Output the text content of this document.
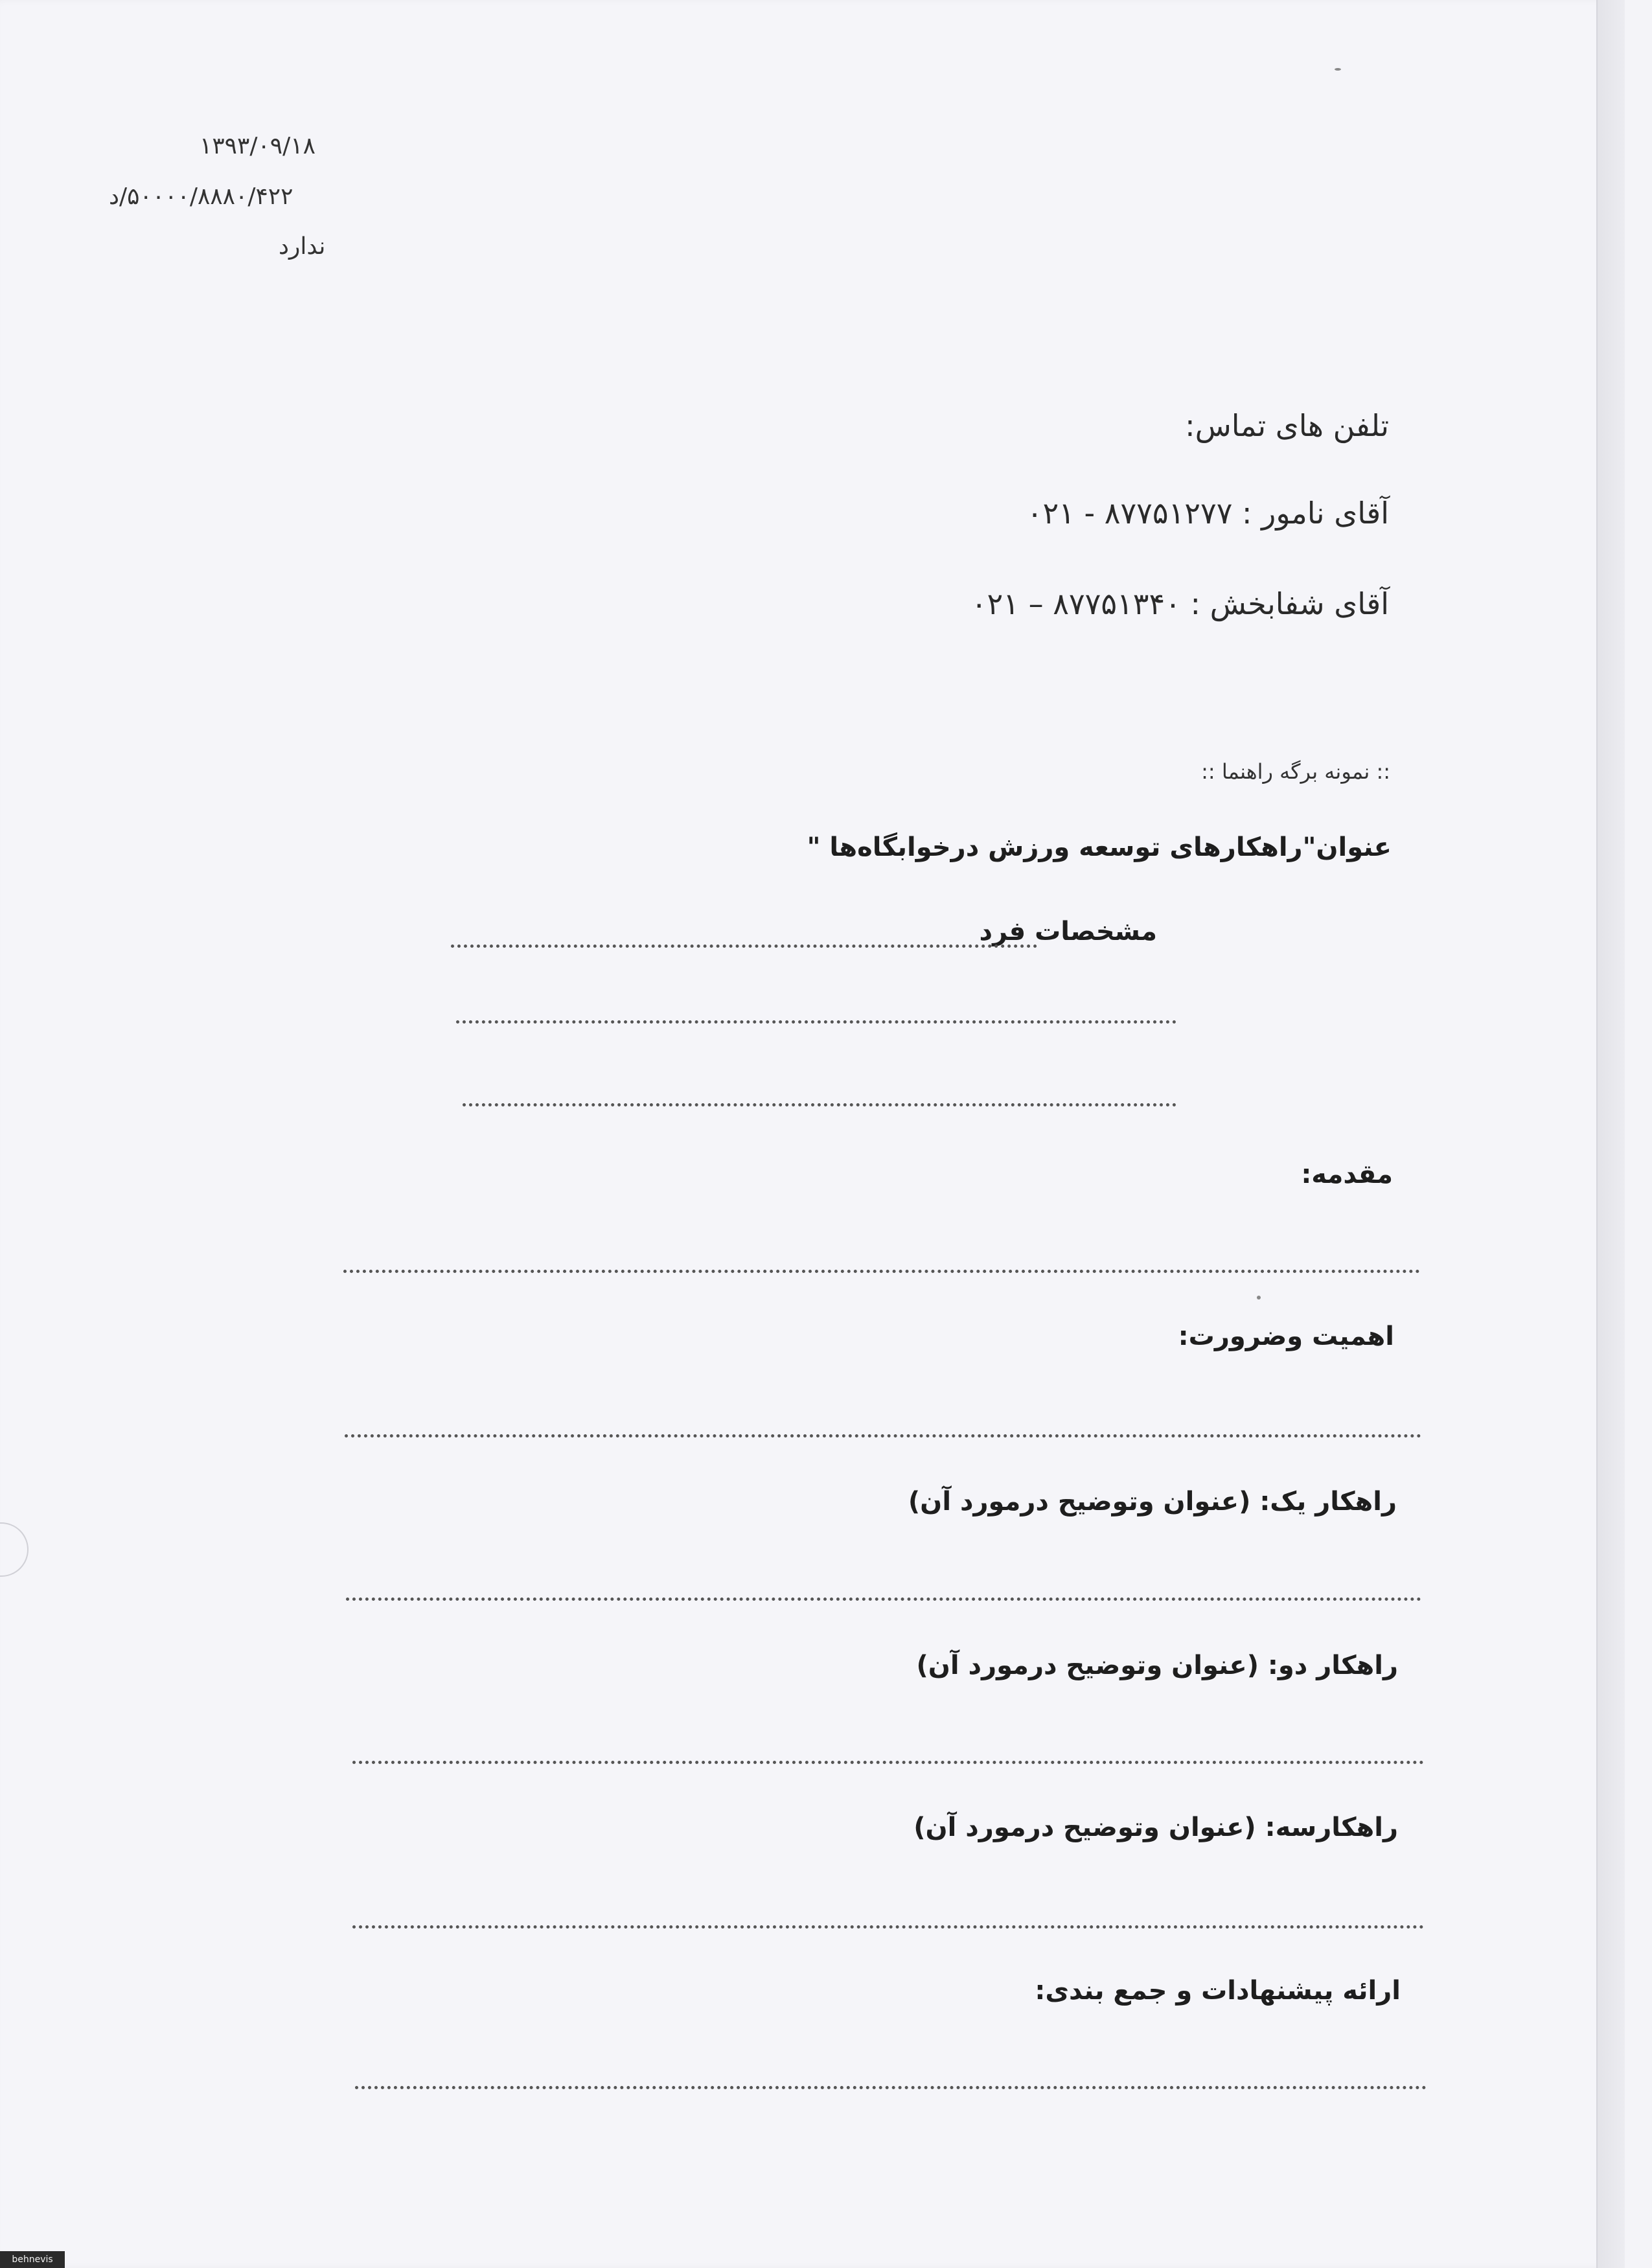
۱۳۹۳/۰۹/۱۸
۵۰۰۰۰/۸۸۸۰/۴۲۲/د
ندارد
تلفن های تماس:
آقای نامور : ۸۷۷۵۱۲۷۷ - ۰۲۱
آقای شفابخش : ۸۷۷۵۱۳۴۰ – ۰۲۱
:: نمونه برگه راهنما ::
عنوان"راهکارهای توسعه ورزش درخوابگاه‌ها "
مشخصات فرد
مقدمه:
اهمیت وضرورت:
راهکار یک: (عنوان وتوضیح درمورد آن)
راهکار دو: (عنوان وتوضیح درمورد آن)
راهکارسه: (عنوان وتوضیح درمورد آن)
ارائه پیشنهادات و جمع بندی:
behnevis
